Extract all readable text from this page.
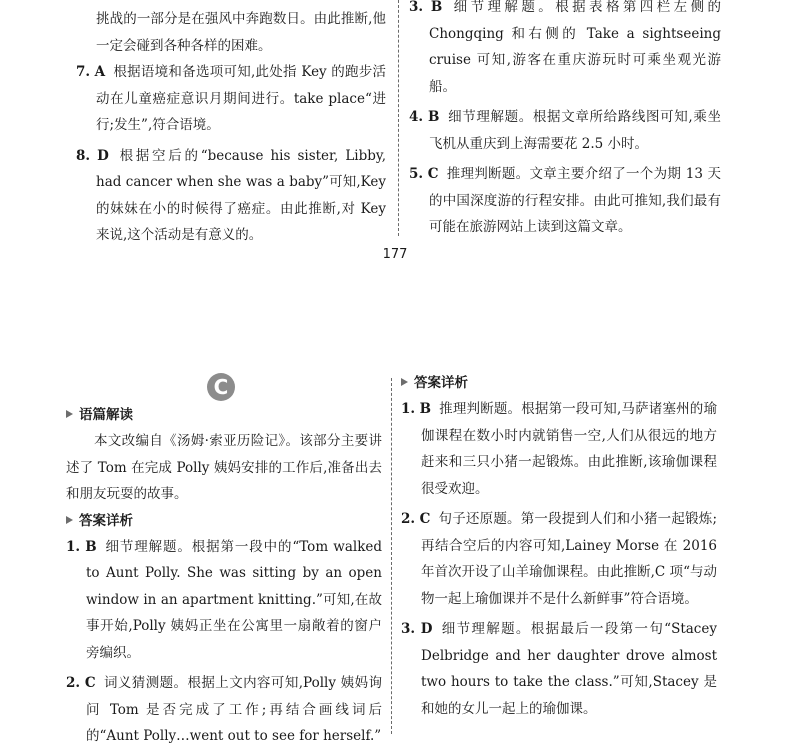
挑战的一部分是在强风中奔跑数日。由此推断,他一定会碰到各种各样的困难。
7. A 根据语境和备选项可知,此处指 Key 的跑步活动在儿童癌症意识月期间进行。take place“进行;发生”,符合语境。
8. D 根据空后的“because his sister, Libby, had cancer when she was a baby”可知,Key 的妹妹在小的时候得了癌症。由此推断,对 Key 来说,这个活动是有意义的。
3. B 细节理解题。根据表格第四栏左侧的 Chongqing 和右侧的 Take a sightseeing cruise 可知,游客在重庆游玩时可乘坐观光游船。
4. B 细节理解题。根据文章所给路线图可知,乘坐飞机从重庆到上海需要花 2.5 小时。
5. C 推理判断题。文章主要介绍了一个为期 13 天的中国深度游的行程安排。由此可推知,我们最有可能在旅游网站上读到这篇文章。
177
C
语篇解读
本文改编自《汤姆·索亚历险记》。该部分主要讲述了 Tom 在完成 Polly 姨妈安排的工作后,准备出去和朋友玩耍的故事。
答案详析
1. B 细节理解题。根据第一段中的“Tom walked to Aunt Polly. She was sitting by an open window in an apartment knitting.”可知,在故事开始,Polly 姨妈正坐在公寓里一扇敞着的窗户旁编织。
2. C 词义猜测题。根据上文内容可知,Polly 姨妈询问 Tom 是否完成了工作;再结合画线词后的“Aunt Polly…went out to see for herself.”
答案详析
1. B 推理判断题。根据第一段可知,马萨诸塞州的瑜伽课程在数小时内就销售一空,人们从很远的地方赶来和三只小猪一起锻炼。由此推断,该瑜伽课程很受欢迎。
2. C 句子还原题。第一段提到人们和小猪一起锻炼;再结合空后的内容可知,Lainey Morse 在 2016 年首次开设了山羊瑜伽课程。由此推断,C 项“与动物一起上瑜伽课并不是什么新鲜事”符合语境。
3. D 细节理解题。根据最后一段第一句“Stacey Delbridge and her daughter drove almost two hours to take the class.”可知,Stacey 是和她的女儿一起上的瑜伽课。
